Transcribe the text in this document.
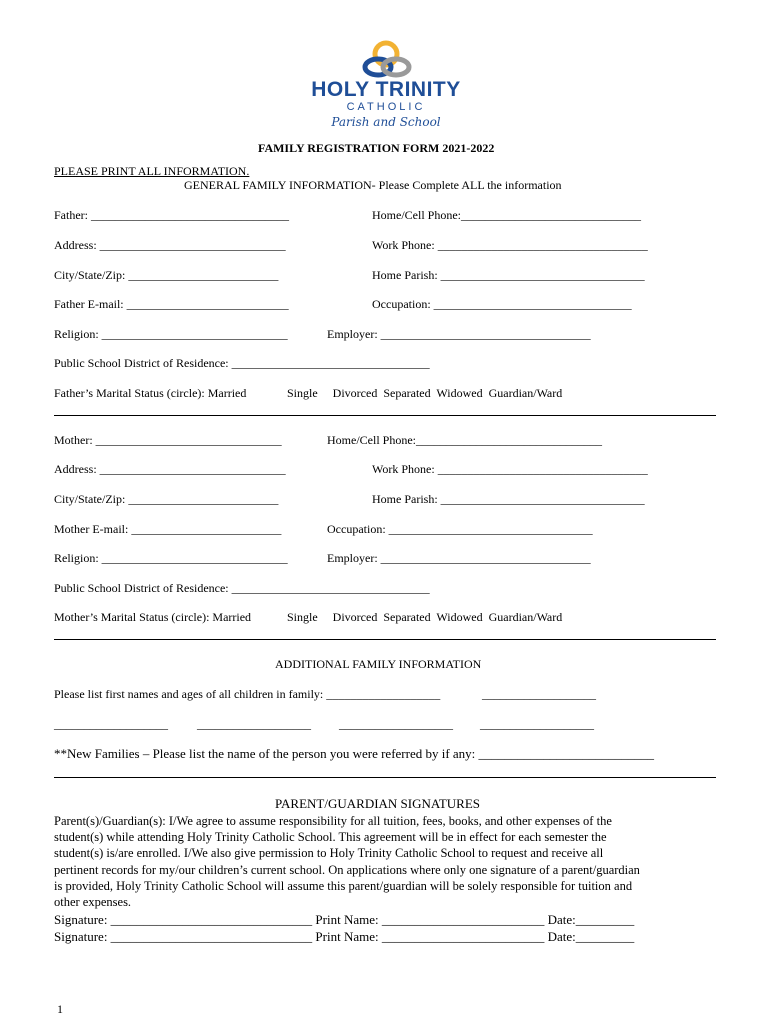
HOLY TRINITY
CATHOLIC
Parish and School
FAMILY REGISTRATION FORM 2021-2022
PLEASE PRINT ALL INFORMATION.
GENERAL FAMILY INFORMATION- Please Complete ALL the information
Father: _________________________________	Home/Cell Phone:______________________________
Address: _______________________________	Work Phone: ___________________________________
City/State/Zip: _________________________	Home Parish: __________________________________
Father E-mail: ___________________________	Occupation: _________________________________
Religion: _______________________________	Employer: ___________________________________
Public School District of Residence: _________________________________
Father’s Marital Status (circle): Married	Single     Divorced  Separated  Widowed  Guardian/Ward
Mother: _______________________________	Home/Cell Phone:_______________________________
Address: _______________________________	Work Phone: ___________________________________
City/State/Zip: _________________________	Home Parish: __________________________________
Mother E-mail: _________________________	Occupation: __________________________________
Religion: _______________________________	Employer: ___________________________________
Public School District of Residence: _________________________________
Mother’s Marital Status (circle): Married	Single     Divorced  Separated  Widowed  Guardian/Ward
ADDITIONAL FAMILY INFORMATION
Please list first names and ages of all children in family: ___________________	___________________
___________________ ___________________ ___________________ ___________________
**New Families – Please list the name of the person you were referred by if any: ___________________________
PARENT/GUARDIAN SIGNATURES

Parent(s)/Guardian(s): I/We agree to assume responsibility for all tuition, fees, books, and other expenses of the

student(s) while attending Holy Trinity Catholic School. This agreement will be in effect for each semester the

student(s) is/are enrolled. I/We also give permission to Holy Trinity Catholic School to request and receive all

pertinent records for my/our children’s current school. On applications where only one signature of a parent/guardian

is provided, Holy Trinity Catholic School will assume this parent/guardian will be solely responsible for tuition and

other expenses.

Signature: _______________________________ Print Name: _________________________ Date:_________
Signature: _______________________________ Print Name: _________________________ Date:_________
1
